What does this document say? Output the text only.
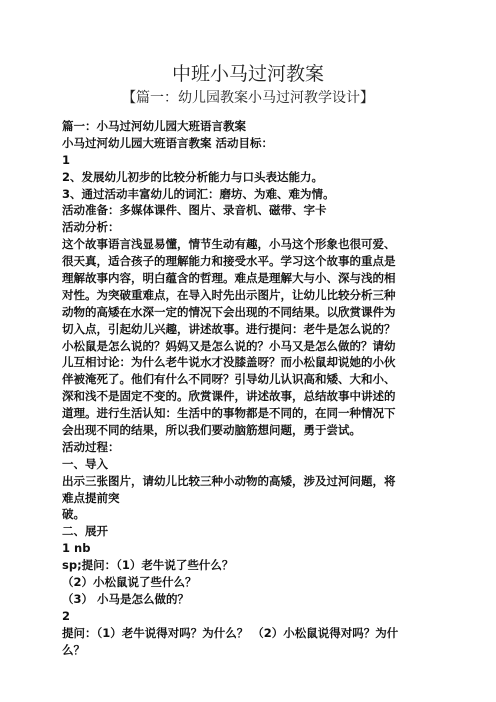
中班小马过河教案
【篇一：幼儿园教案小马过河教学设计】
篇一：小马过河幼儿园大班语言教案
小马过河幼儿园大班语言教案 活动目标：
1
2、发展幼儿初步的比较分析能力与口头表达能力。
3、通过活动丰富幼儿的词汇：磨坊、为难、难为情。
活动准备：多媒体课件、图片、录音机、磁带、字卡
活动分析：
这个故事语言浅显易懂，情节生动有趣，小马这个形象也很可爱、
很天真，适合孩子的理解能力和接受水平。学习这个故事的重点是
理解故事内容，明白蕴含的哲理。难点是理解大与小、深与浅的相
对性。为突破重难点，在导入时先出示图片，让幼儿比较分析三种
动物的高矮在水深一定的情况下会出现的不同结果。以欣赏课件为
切入点，引起幼儿兴趣，讲述故事。进行提问：老牛是怎么说的？
小松鼠是怎么说的？妈妈又是怎么说的？小马又是怎么做的？请幼
儿互相讨论：为什么老牛说水才没膝盖呀？而小松鼠却说她的小伙
伴被淹死了。他们有什么不同呀？引导幼儿认识高和矮、大和小、
深和浅不是固定不变的。欣赏课件，讲述故事，总结故事中讲述的
道理。进行生活认知：生活中的事物都是不同的，在同一种情况下
会出现不同的结果，所以我们要动脑筋想问题，勇于尝试。
活动过程：
一、导入
出示三张图片，请幼儿比较三种小动物的高矮，涉及过河问题，将
难点提前突
破。
二、展开
1 nb
sp;提问：（1）老牛说了些什么？
（2）小松鼠说了些什么？
（3） 小马是怎么做的？
2
提问：（1）老牛说得对吗？为什么？ （2）小松鼠说得对吗？为什
么？
